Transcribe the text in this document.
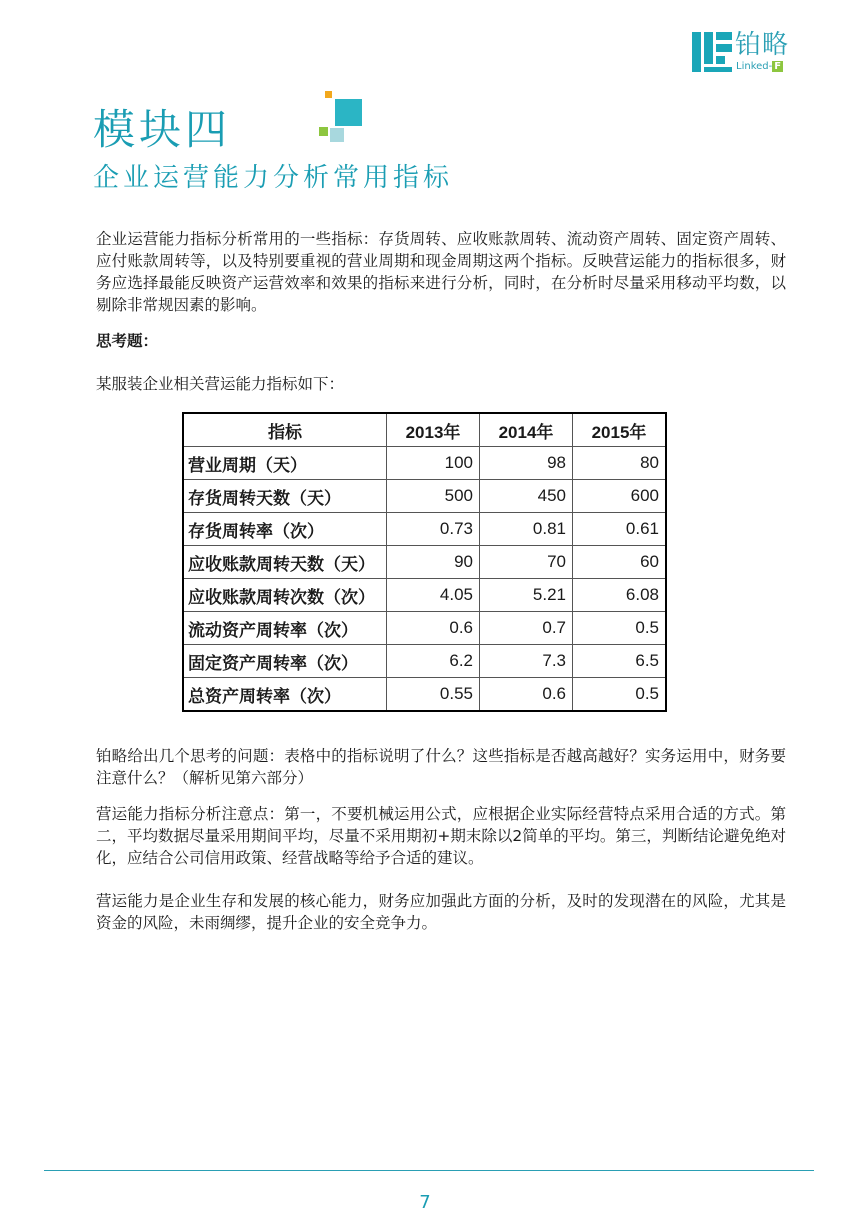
铂略
Linked- F
模块四
企业运营能力分析常用指标

企业运营能力指标分析常用的一些指标：存货周转、应收账款周转、流动资产周转、固定资产周转、应付账款周转等，以及特别要重视的营业周期和现金周期这两个指标。反映营运能力的指标很多，财务应选择最能反映资产运营效率和效果的指标来进行分析，同时，在分析时尽量采用移动平均数，以剔除非常规因素的影响。

思考题：

某服装企业相关营运能力指标如下：

指标	2013年	2014年	2015年
营业周期（天）	100	98	80
存货周转天数（天）	500	450	600
存货周转率（次）	0.73	0.81	0.61
应收账款周转天数（天）	90	70	60
应收账款周转次数（次）	4.05	5.21	6.08
流动资产周转率（次）	0.6	0.7	0.5
固定资产周转率（次）	6.2	7.3	6.5
总资产周转率（次）	0.55	0.6	0.5

铂略给出几个思考的问题：表格中的指标说明了什么？这些指标是否越高越好？实务运用中，财务要注意什么？（解析见第六部分）

营运能力指标分析注意点：第一，不要机械运用公式，应根据企业实际经营特点采用合适的方式。第二，平均数据尽量采用期间平均，尽量不采用期初+期末除以2简单的平均。第三，判断结论避免绝对化，应结合公司信用政策、经营战略等给予合适的建议。

营运能力是企业生存和发展的核心能力，财务应加强此方面的分析，及时的发现潜在的风险，尤其是资金的风险，未雨绸缪，提升企业的安全竞争力。

7
